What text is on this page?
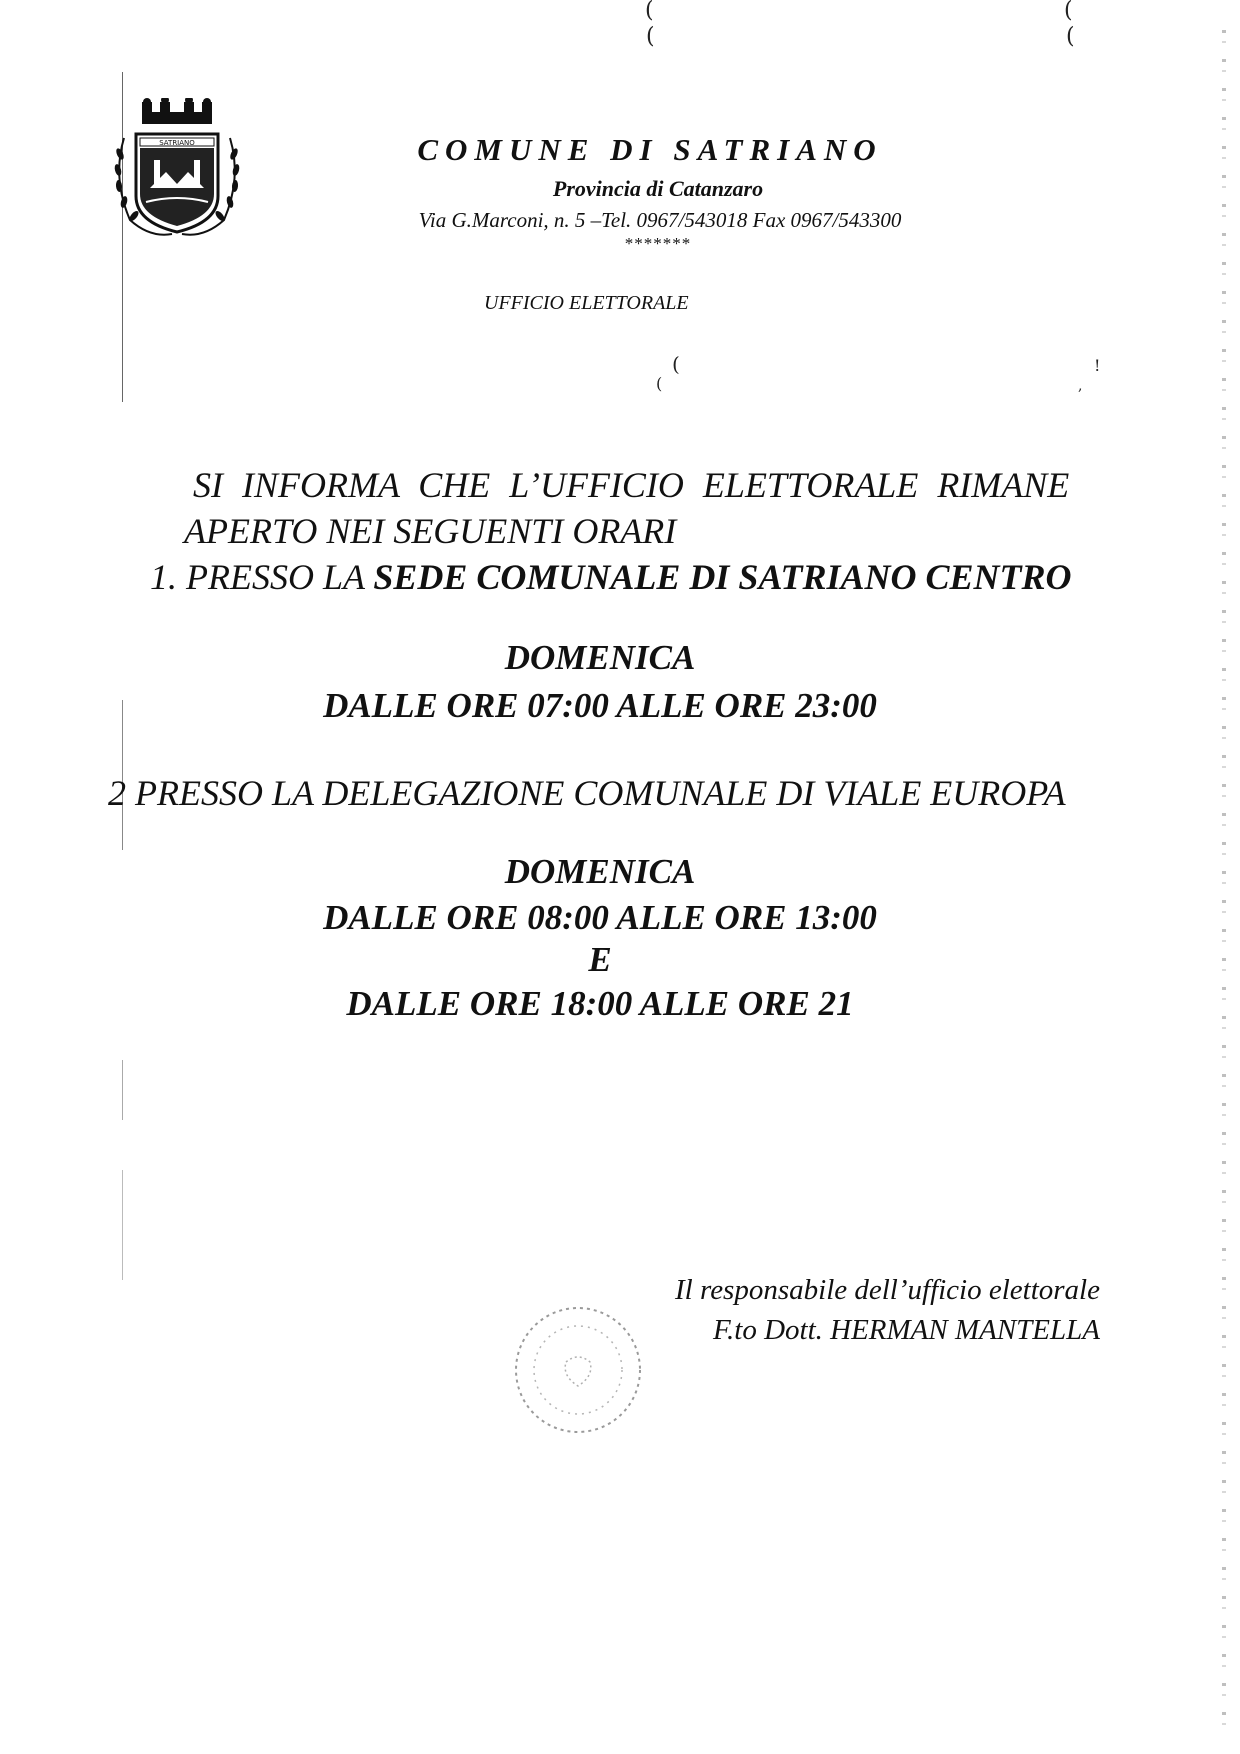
(
(
(
(
(
(
!
,
SATRIANO	COMUNE DI SATRIANO
Provincia di Catanzaro
Via G.Marconi, n. 5 –Tel. 0967/543018 Fax 0967/543300
*******
UFFICIO ELETTORALE
SI INFORMA CHE L’UFFICIO ELETTORALE RIMANE
APERTO NEI SEGUENTI ORARI
1. PRESSO LA SEDE COMUNALE DI SATRIANO CENTRO
DOMENICA
DALLE ORE 07:00 ALLE ORE 23:00
2 PRESSO LA DELEGAZIONE COMUNALE DI VIALE EUROPA
DOMENICA
DALLE ORE 08:00 ALLE ORE 13:00
E
DALLE ORE 18:00 ALLE ORE 21
Il responsabile dell’ufficio elettorale
F.to Dott. HERMAN MANTELLA
